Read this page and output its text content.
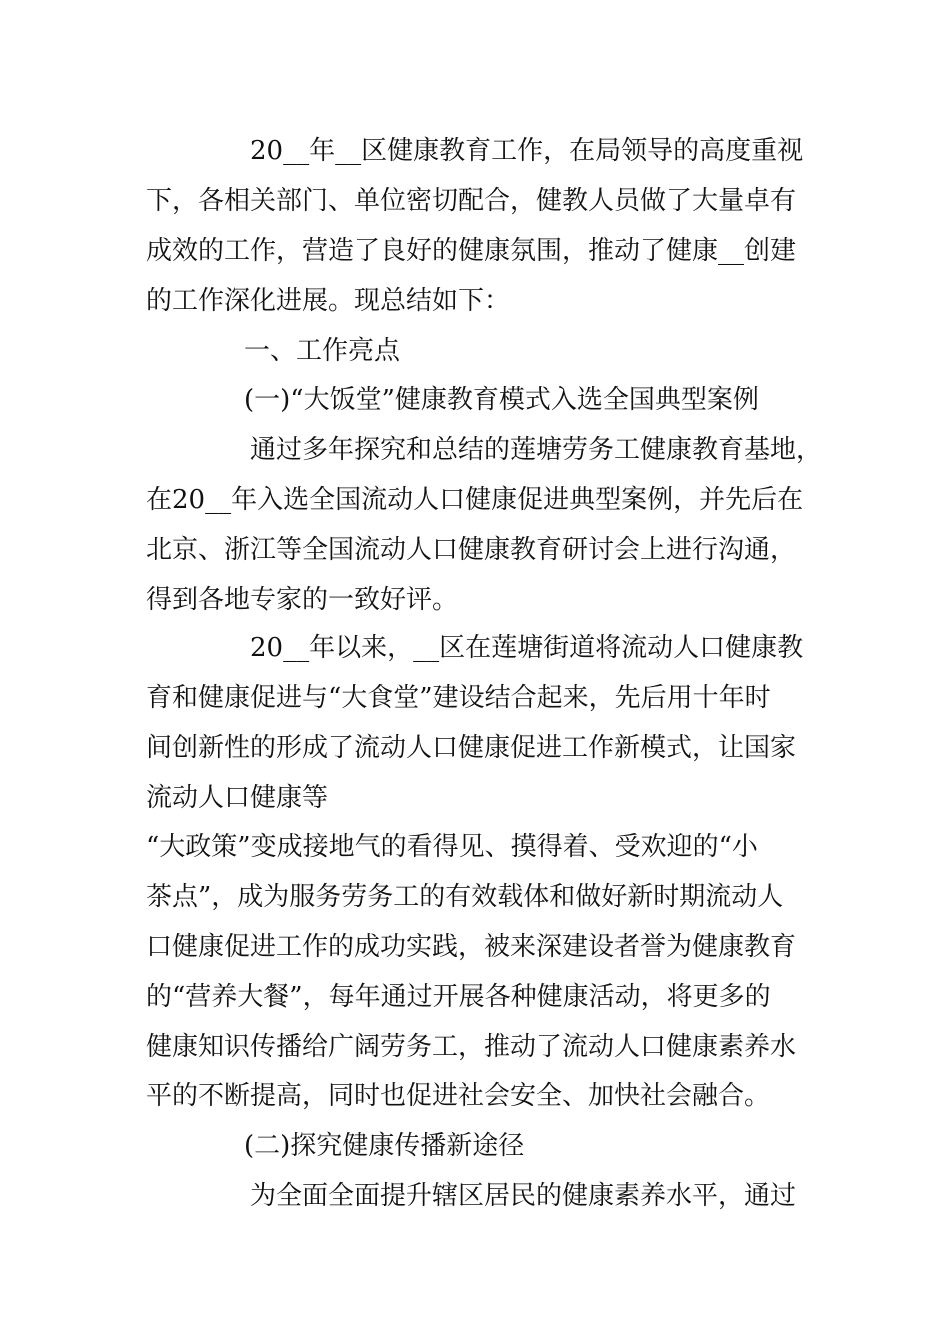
20__年__区健康教育工作，在局领导的高度重视
下，各相关部门、单位密切配合，健教人员做了大量卓有
成效的工作，营造了良好的健康氛围，推动了健康__创建
的工作深化进展。现总结如下：
一、工作亮点
(一)“大饭堂”健康教育模式入选全国典型案例
通过多年探究和总结的莲塘劳务工健康教育基地，
在20__年入选全国流动人口健康促进典型案例，并先后在
北京、浙江等全国流动人口健康教育研讨会上进行沟通，
得到各地专家的一致好评。
20__年以来，__区在莲塘街道将流动人口健康教
育和健康促进与“大食堂”建设结合起来，先后用十年时
间创新性的形成了流动人口健康促进工作新模式，让国家
流动人口健康等
“大政策”变成接地气的看得见、摸得着、受欢迎的“小
茶点”，成为服务劳务工的有效载体和做好新时期流动人
口健康促进工作的成功实践，被来深建设者誉为健康教育
的“营养大餐”，每年通过开展各种健康活动，将更多的
健康知识传播给广阔劳务工，推动了流动人口健康素养水
平的不断提高，同时也促进社会安全、加快社会融合。
(二)探究健康传播新途径
为全面全面提升辖区居民的健康素养水平，通过
